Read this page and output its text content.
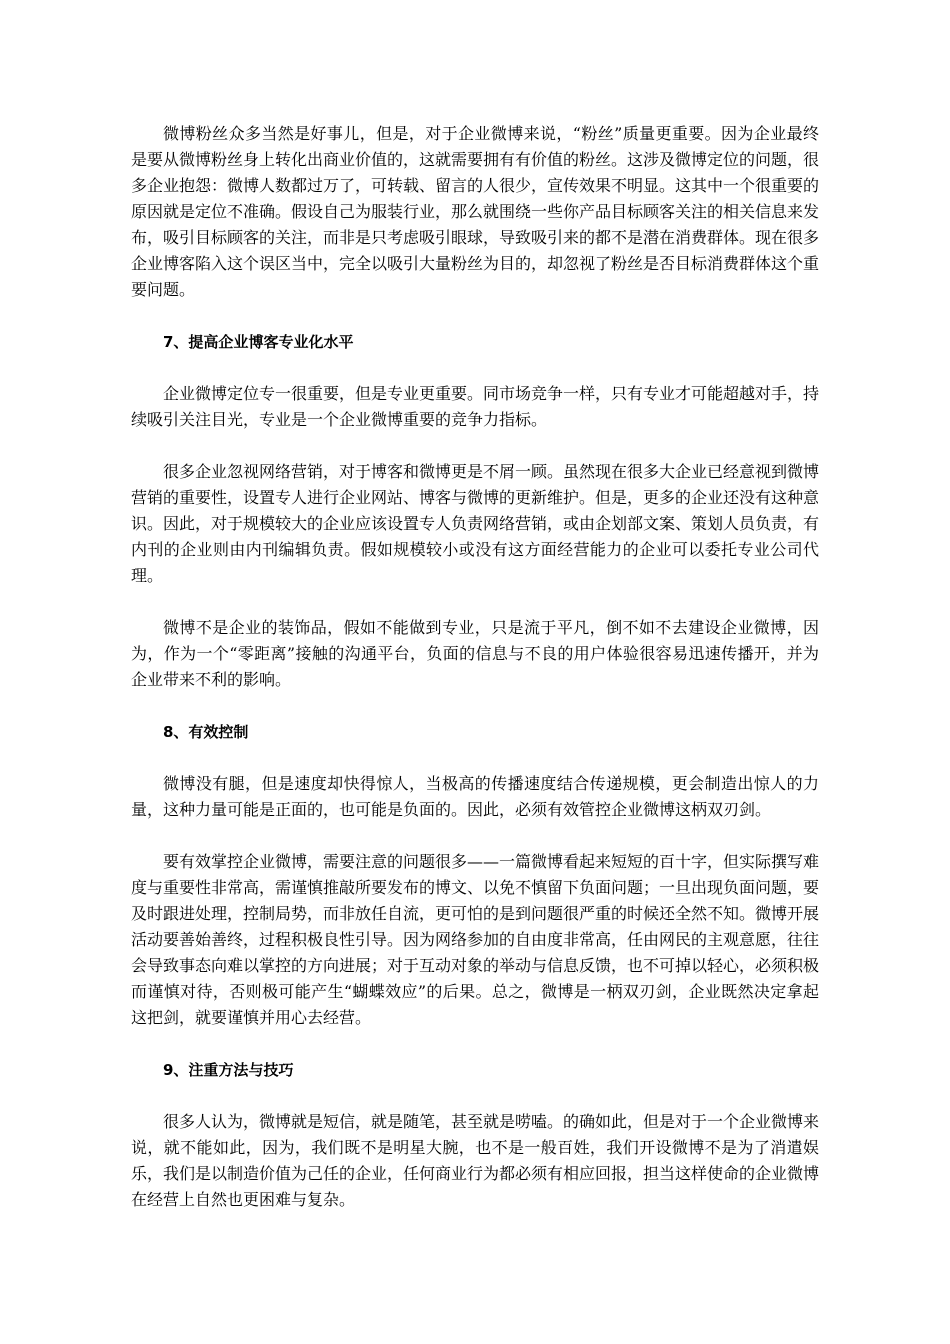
微博粉丝众多当然是好事儿，但是，对于企业微博来说，“粉丝”质量更重要。因为企业最终是要从微博粉丝身上转化出商业价值的，这就需要拥有有价值的粉丝。这涉及微博定位的问题，很多企业抱怨：微博人数都过万了，可转载、留言的人很少，宣传效果不明显。这其中一个很重要的原因就是定位不准确。假设自己为服装行业，那么就围绕一些你产品目标顾客关注的相关信息来发布，吸引目标顾客的关注，而非是只考虑吸引眼球，导致吸引来的都不是潜在消费群体。现在很多企业博客陷入这个误区当中，完全以吸引大量粉丝为目的，却忽视了粉丝是否目标消费群体这个重要问题。

7、提高企业博客专业化水平

企业微博定位专一很重要，但是专业更重要。同市场竞争一样，只有专业才可能超越对手，持续吸引关注目光，专业是一个企业微博重要的竞争力指标。

很多企业忽视网络营销，对于博客和微博更是不屑一顾。虽然现在很多大企业已经意视到微博营销的重要性，设置专人进行企业网站、博客与微博的更新维护。但是，更多的企业还没有这种意识。因此，对于规模较大的企业应该设置专人负责网络营销，或由企划部文案、策划人员负责，有内刊的企业则由内刊编辑负责。假如规模较小或没有这方面经营能力的企业可以委托专业公司代理。

微博不是企业的装饰品，假如不能做到专业，只是流于平凡，倒不如不去建设企业微博，因为，作为一个“零距离”接触的沟通平台，负面的信息与不良的用户体验很容易迅速传播开，并为企业带来不利的影响。

8、有效控制

微博没有腿，但是速度却快得惊人，当极高的传播速度结合传递规模，更会制造出惊人的力量，这种力量可能是正面的，也可能是负面的。因此，必须有效管控企业微博这柄双刃剑。

要有效掌控企业微博，需要注意的问题很多——一篇微博看起来短短的百十字，但实际撰写难度与重要性非常高，需谨慎推敲所要发布的博文、以免不慎留下负面问题；一旦出现负面问题，要及时跟进处理，控制局势，而非放任自流，更可怕的是到问题很严重的时候还全然不知。微博开展活动要善始善终，过程积极良性引导。因为网络参加的自由度非常高，任由网民的主观意愿，往往会导致事态向难以掌控的方向进展；对于互动对象的举动与信息反馈，也不可掉以轻心，必须积极而谨慎对待，否则极可能产生“蝴蝶效应”的后果。总之，微博是一柄双刃剑，企业既然决定拿起这把剑，就要谨慎并用心去经营。

9、注重方法与技巧

很多人认为，微博就是短信，就是随笔，甚至就是唠嗑。的确如此，但是对于一个企业微博来说，就不能如此，因为，我们既不是明星大腕，也不是一般百姓，我们开设微博不是为了消遣娱乐，我们是以制造价值为己任的企业，任何商业行为都必须有相应回报，担当这样使命的企业微博在经营上自然也更困难与复杂。
